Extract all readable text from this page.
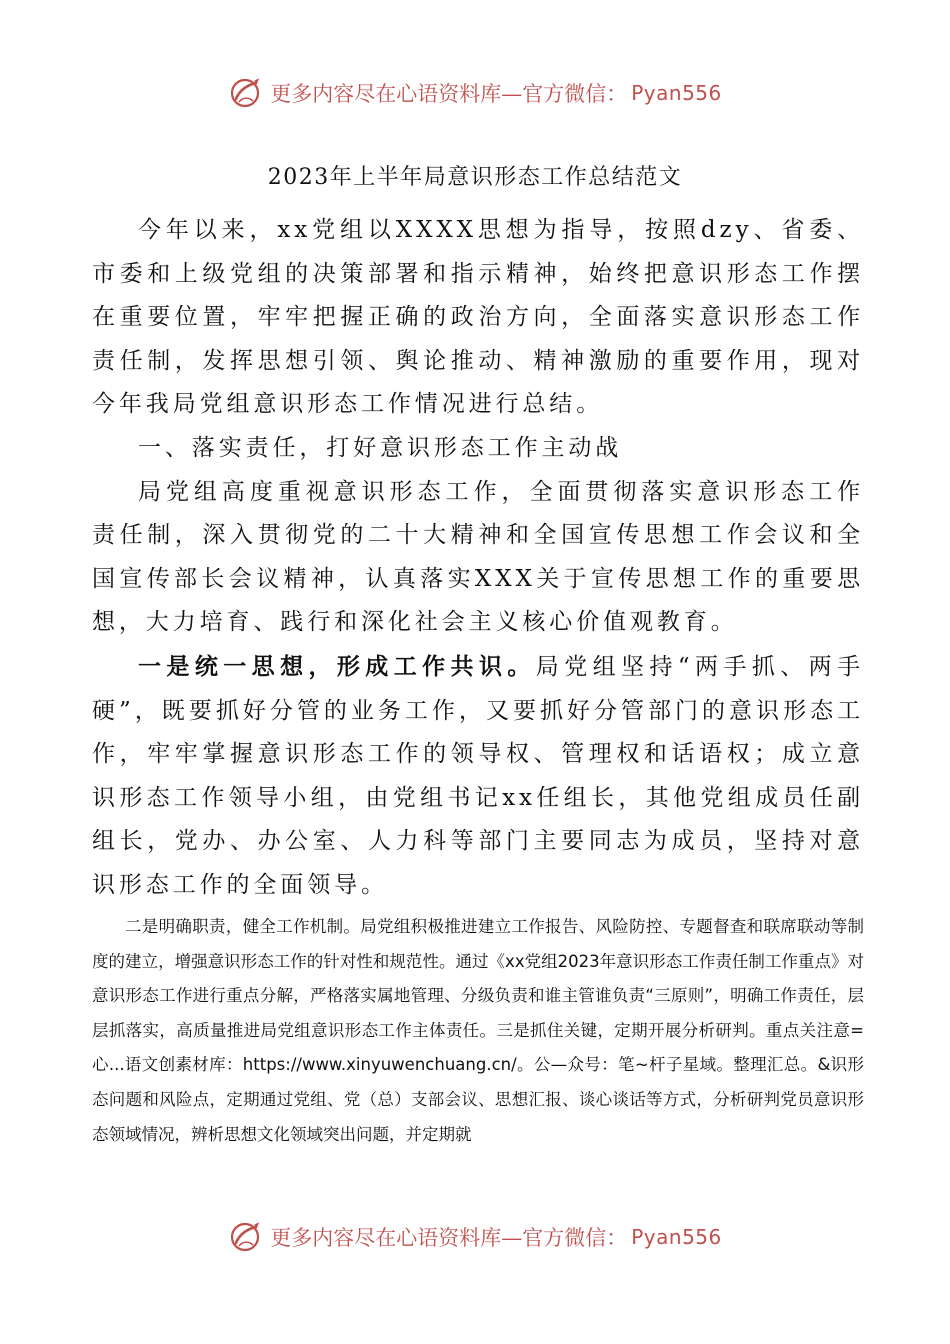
更多内容尽在心语资料库—官方微信： Pyan556
2023年上半年局意识形态工作总结范文

今年以来，xx党组以XXXX思想为指导，按照dzy、省委、市委和上级党组的决策部署和指示精神，始终把意识形态工作摆在重要位置，牢牢把握正确的政治方向，全面落实意识形态工作责任制，发挥思想引领、舆论推动、精神激励的重要作用，现对今年我局党组意识形态工作情况进行总结。

一、落实责任，打好意识形态工作主动战

局党组高度重视意识形态工作，全面贯彻落实意识形态工作责任制，深入贯彻党的二十大精神和全国宣传思想工作会议和全国宣传部长会议精神，认真落实XXX关于宣传思想工作的重要思想，大力培育、践行和深化社会主义核心价值观教育。

一是统一思想，形成工作共识。局党组坚持“两手抓、两手硬”，既要抓好分管的业务工作，又要抓好分管部门的意识形态工作，牢牢掌握意识形态工作的领导权、管理权和话语权；成立意识形态工作领导小组，由党组书记xx任组长，其他党组成员任副组长，党办、办公室、人力科等部门主要同志为成员，坚持对意识形态工作的全面领导。

二是明确职责，健全工作机制。局党组积极推进建立工作报告、风险防控、专题督查和联席联动等制度的建立，增强意识形态工作的针对性和规范性。通过《xx党组2023年意识形态工作责任制工作重点》对意识形态工作进行重点分解，严格落实属地管理、分级负责和谁主管谁负责“三原则”，明确工作责任，层层抓落实，高质量推进局党组意识形态工作主体责任。三是抓住关键，定期开展分析研判。重点关注意=心...语文创素材库：https://www.xinyuwenchuang.cn/。公—众号：笔~杆子星域。整理汇总。&识形态问题和风险点，定期通过党组、党（总）支部会议、思想汇报、谈心谈话等方式，分析研判党员意识形态领域情况，辨析思想文化领域突出问题，并定期就

更多内容尽在心语资料库—官方微信： Pyan556
